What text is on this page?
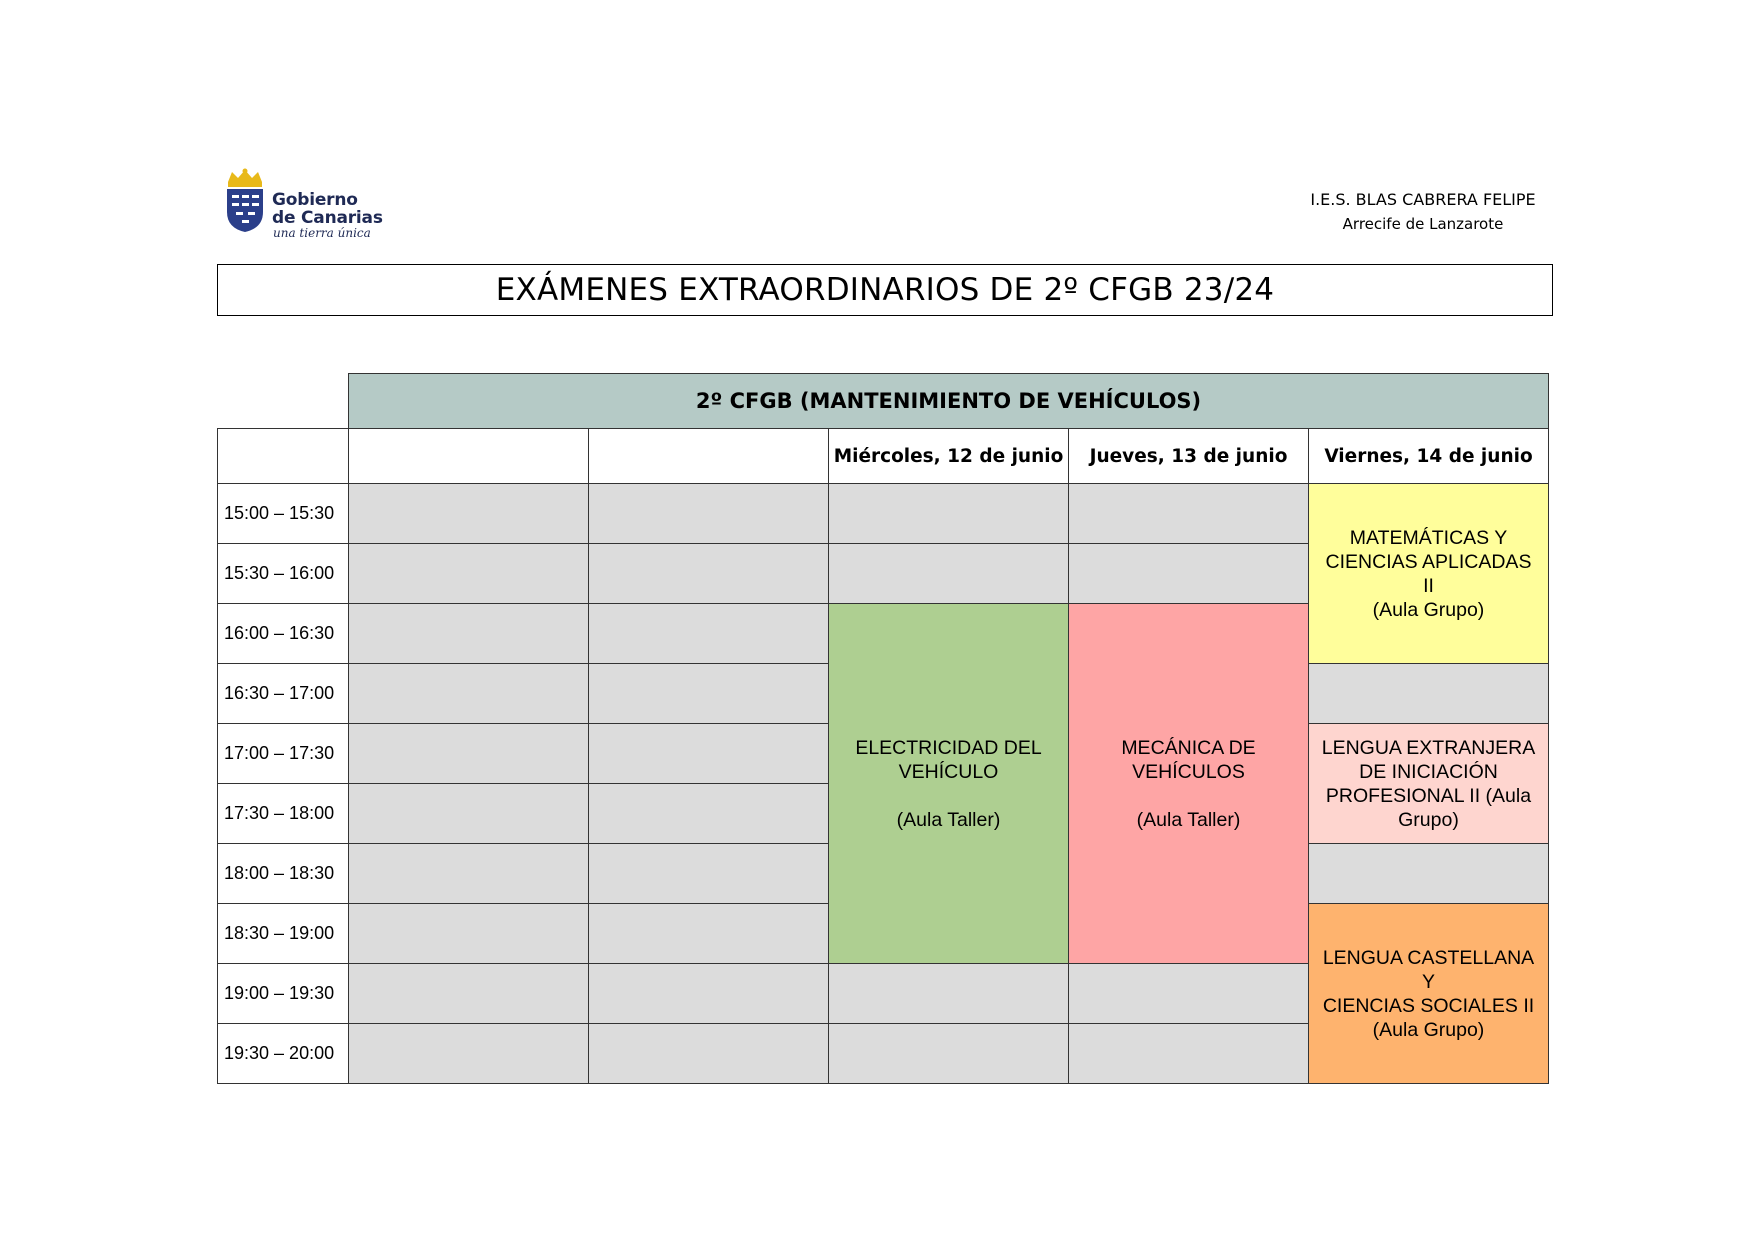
Gobierno
de Canarias
una tierra única
I.E.S. BLAS CABRERA FELIPE
Arrecife de Lanzarote
EXÁMENES EXTRAORDINARIOS DE 2º CFGB 23/24
2º CFGB (MANTENIMIENTO DE VEHÍCULOS)
Miércoles, 12 de junio	Jueves, 13 de junio	Viernes, 14 de junio
15:00 – 15:30
15:30 – 16:00
16:00 – 16:30
16:30 – 17:00
17:00 – 17:30
17:30 – 18:00
18:00 – 18:30
18:30 – 19:00
19:00 – 19:30
19:30 – 20:00
ELECTRICIDAD DEL
VEHÍCULO

(Aula Taller)
MECÁNICA DE
VEHÍCULOS

(Aula Taller)
MATEMÁTICAS Y
CIENCIAS APLICADAS
II
(Aula Grupo)
LENGUA EXTRANJERA
DE INICIACIÓN
PROFESIONAL II (Aula
Grupo)
LENGUA CASTELLANA
Y
CIENCIAS SOCIALES II
(Aula Grupo)
